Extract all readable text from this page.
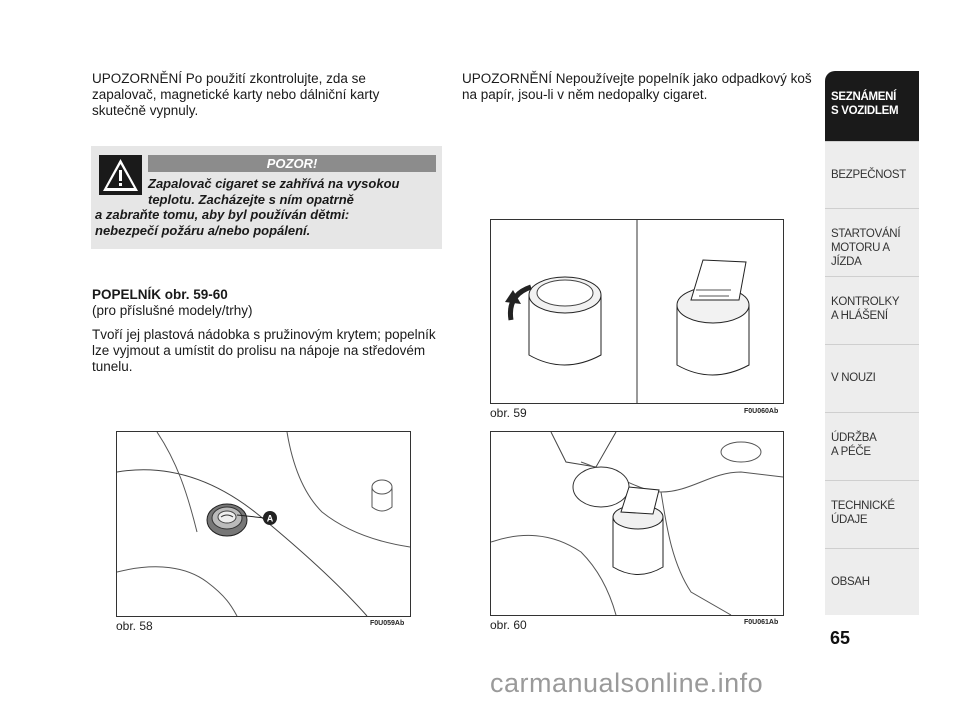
UPOZORNĚNÍ Po použití zkontrolujte, zda se zapalovač, magnetické karty nebo dálniční karty skutečně vypnuly.
UPOZORNĚNÍ Nepoužívejte popelník jako odpadkový koš na papír, jsou-li v něm nedopalky cigaret.
POZOR!
Zapalovač cigaret se zahřívá na vysokou
teplotu. Zacházejte s ním opatrně
a zabraňte tomu, aby byl používán dětmi:
nebezpečí požáru a/nebo popálení.
POPELNÍK obr. 59-60
(pro příslušné modely/trhy)
Tvoří jej plastová nádobka s pružinovým krytem; popelník lze vyjmout a umístit do prolisu na nápoje na středovém tunelu.
A
obr. 58	F0U059Ab
obr. 59	F0U060Ab
obr. 60	F0U061Ab
SEZNÁMENÍ
S VOZIDLEM
BEZPEČNOST
STARTOVÁNÍ
MOTORU A JÍZDA
KONTROLKY
A HLÁŠENÍ
V NOUZI
ÚDRŽBA
A PÉČE
TECHNICKÉ
ÚDAJE
OBSAH
65
carmanualsonline.info
